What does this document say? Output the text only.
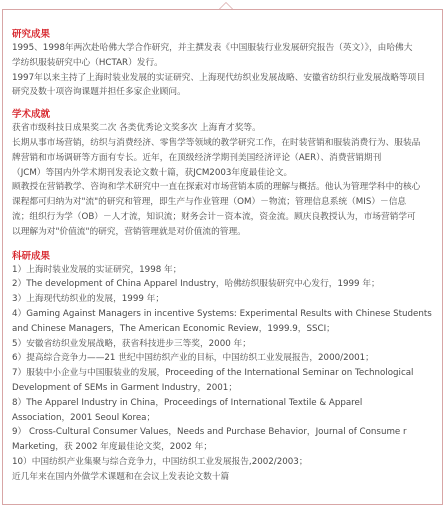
研究成果

1995、1998年两次赴哈佛大学合作研究，并主撰发表《中国服装行业发展研究报告（英文）》，由哈佛大

学纺织服装研究中心（HCTAR）发行。

1997年以来主持了上海时装业发展的实证研究、上海现代纺织业发展战略、安徽省纺织行业发展战略等项目

研究及数十项咨询课题并担任多家企业顾问。

学术成就

获省市级科技日成果奖二次 各类优秀论文奖多次 上海育才奖等。

长期从事市场营销，纺织与消费经济、零售学等领域的教学研究工作，在时装营销和服装消费行为、服装品

牌营销和市场调研等方面有专长。近年，在顶级经济学期刊美国经济评论（AER）、消费营销期刊

（JCM）等国内外学术期刊发表论文数十篇，获JCM2003年度最佳论文。

顾教授在营销教学、咨询和学术研究中一直在探索对市场营销本质的理解与概括。他认为管理学科中的核心

课程都可归纳为对"流"的研究和管理，即生产与作业管理（OM）－物流；管理信息系统（MIS）－信息

流；组织行为学（OB）－人才流，知识流；财务会计－资本流，资金流。顾庆良教授认为，市场营销学可

以理解为对"价值流"的研究，营销管理就是对价值流的管理。

科研成果

1）上海时装业发展的实证研究，1998 年；

2）The development of China Apparel Industry，哈佛纺织服装研究中心发行，1999 年；

3）上海现代纺织业的发展，1999 年；

4）Gaming Against Managers in incentive Systems: Experimental Results with Chinese Students

and Chinese Managers，The American Economic Review，1999.9，SSCI；

5）安徽省纺织业发展战略，获省科技进步三等奖，2000 年；

6）提高综合竞争力——21 世纪中国纺织产业的目标，中国纺织工业发展报告，2000/2001；

7）服装中小企业与中国服装业的发展，Proceeding of the International Seminar on Technological

Development of SEMs in Garment Industry，2001；

8）The Apparel Industry in China，Proceedings of International Textile & Apparel

Association，2001 Seoul Korea；

9） Cross-Cultural Consumer Values，Needs and Purchase Behavior，Journal of Consume r

Marketing，获 2002 年度最佳论文奖，2002 年；

10）中国纺织产业集聚与综合竞争力，中国纺织工业发展报告,2002/2003；

近几年来在国内外做学术课题和在会议上发表论文数十篇
